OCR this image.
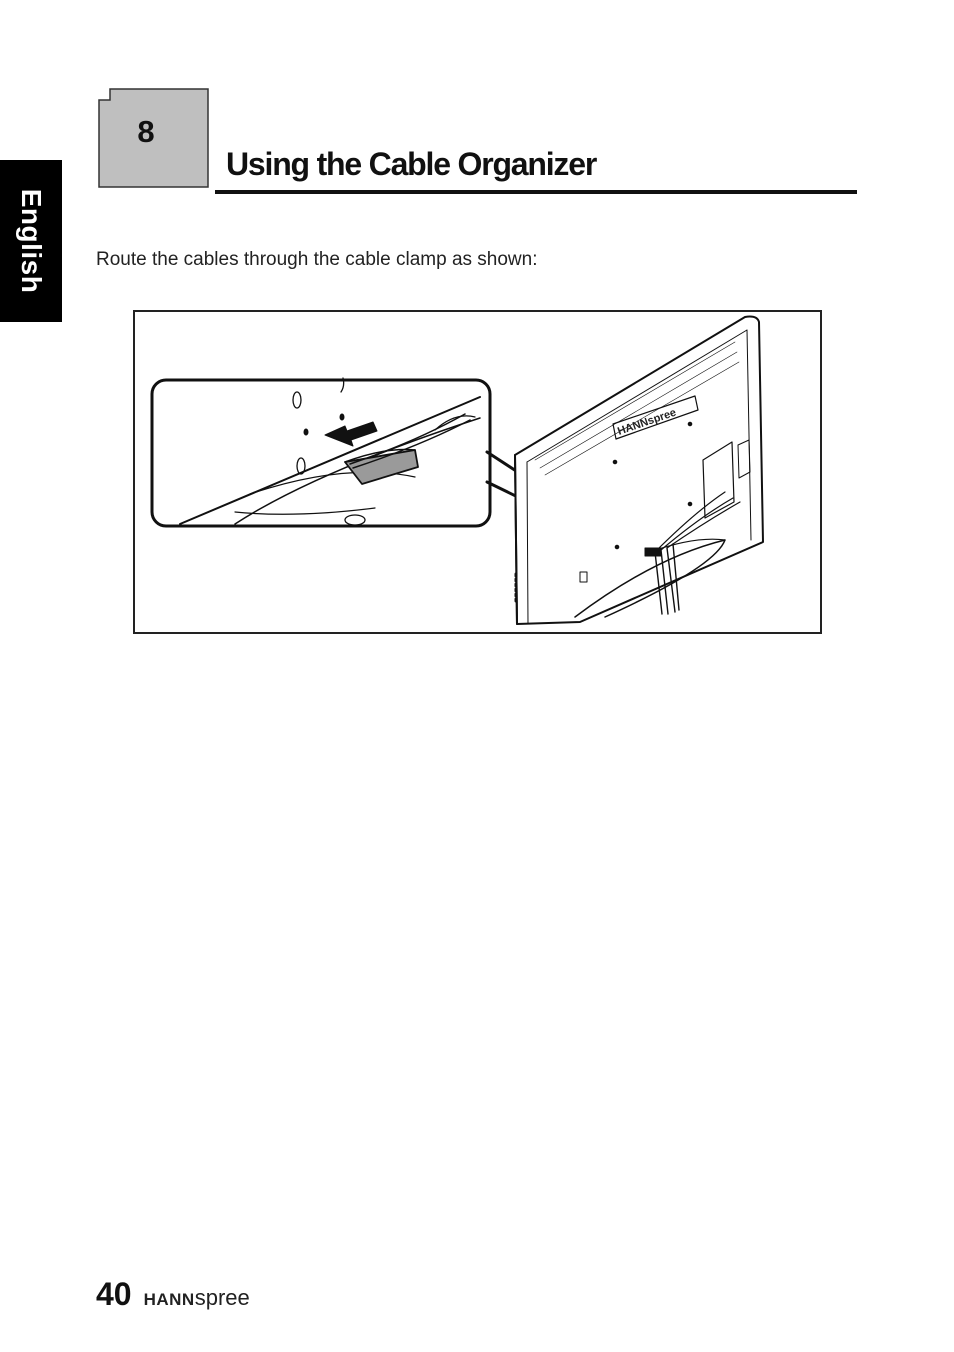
English
8
Using the Cable Organizer

Route the cables through the cable clamp as shown:

HANNspree
40 HANNspree
